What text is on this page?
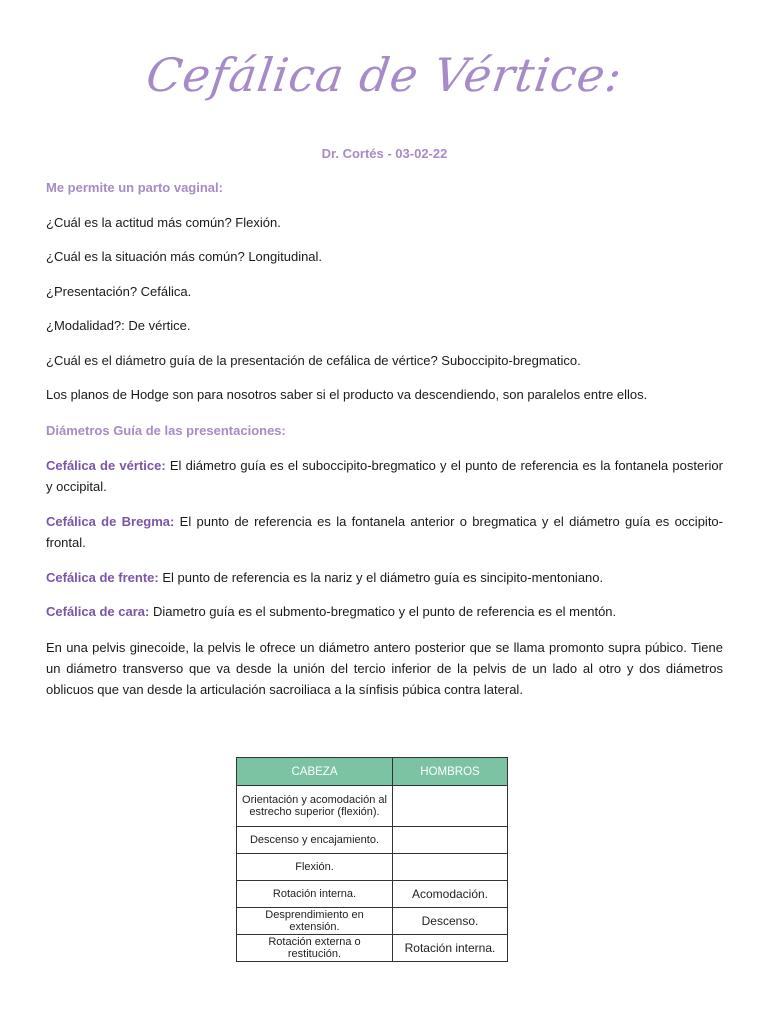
Cefálica de Vértice:
Dr. Cortés - 03-02-22

Me permite un parto vaginal:

¿Cuál es la actitud más común? Flexión.

¿Cuál es la situación más común? Longitudinal.

¿Presentación? Cefálica.

¿Modalidad?: De vértice.

¿Cuál es el diámetro guía de la presentación de cefálica de vértice? Suboccipito-bregmatico.

Los planos de Hodge son para nosotros saber si el producto va descendiendo, son paralelos entre ellos.

Diámetros Guía de las presentaciones:

Cefálica de vértice: El diámetro guía es el suboccipito-bregmatico y el punto de referencia es la fontanela posterior y occipital.

Cefálica de Bregma: El punto de referencia es la fontanela anterior o bregmatica y el diámetro guía es occipito-frontal.

Cefálica de frente: El punto de referencia es la nariz y el diámetro guía es sincipito-mentoniano.

Cefálica de cara: Diametro guía es el submento-bregmatico y el punto de referencia es el mentón.

En una pelvis ginecoide, la pelvis le ofrece un diámetro antero posterior que se llama promonto supra púbico. Tiene un diámetro transverso que va desde la unión del tercio inferior de la pelvis de un lado al otro y dos diámetros oblicuos que van desde la articulación sacroiliaca a la sínfisis púbica contra lateral.

CABEZA	HOMBROS
Orientación y acomodación al estrecho superior (flexión).	
Descenso y encajamiento.	
Flexión.	
Rotación interna.	Acomodación.
Desprendimiento en extensión.	Descenso.
Rotación externa o restitución.	Rotación interna.
